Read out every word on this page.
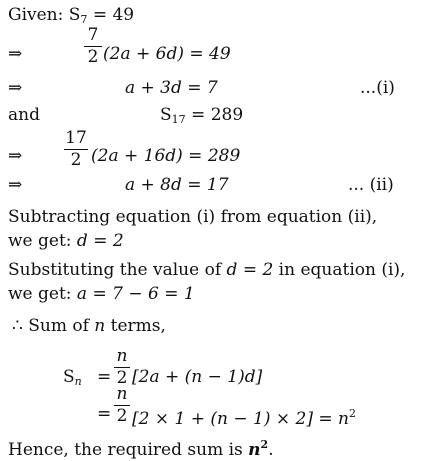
Given: $S_7 = 49$
⇒
7
2 (2a + 6d) = 49
⇒	a + 3d = 7	...(i)
and	$S_{17} = 289$
⇒
17
2 (2a + 16d) = 289
⇒	a + 8d = 17	... (ii)
Subtracting equation (i) from equation (ii),
we get: d = 2
Substituting the value of d = 2 in equation (i),
we get: a = 7 − 6 = 1
∴ Sum of n terms,
$S_n$ =
n
2 [2a + (n − 1)d]
=
n
2 $[2 \times 1 + (n - 1) \times 2] = n^2$
Hence, the required sum is $n^2$.
